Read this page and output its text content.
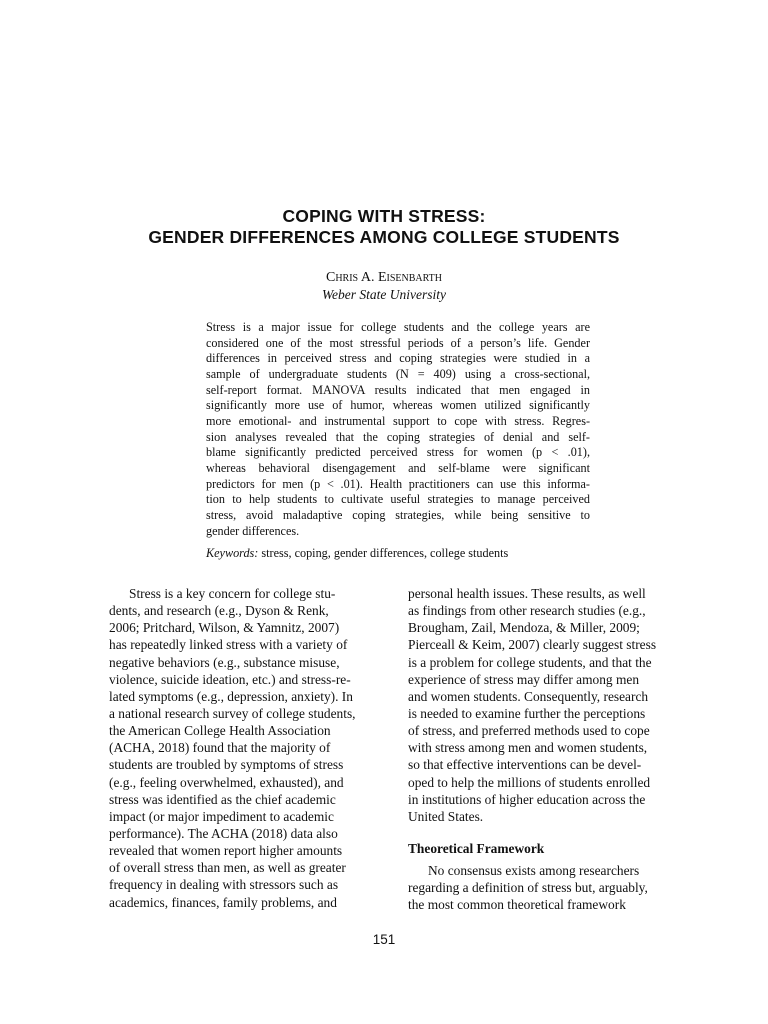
COPING WITH STRESS:
GENDER DIFFERENCES AMONG COLLEGE STUDENTS
Chris A. Eisenbarth
Weber State University
Stress is a major issue for college students and the college years are
considered one of the most stressful periods of a person’s life. Gender
differences in perceived stress and coping strategies were studied in a
sample of undergraduate students (N = 409) using a cross-sectional,
self-report format. MANOVA results indicated that men engaged in
significantly more use of humor, whereas women utilized significantly
more emotional- and instrumental support to cope with stress. Regres-
sion analyses revealed that the coping strategies of denial and self-
blame significantly predicted perceived stress for women (p < .01),
whereas behavioral disengagement and self-blame were significant
predictors for men (p < .01). Health practitioners can use this informa-
tion to help students to cultivate useful strategies to manage perceived
stress, avoid maladaptive coping strategies, while being sensitive to
gender differences.
Keywords: stress, coping, gender differences, college students
Stress is a key concern for college stu-
dents, and research (e.g., Dyson & Renk,
2006; Pritchard, Wilson, & Yamnitz, 2007)
has repeatedly linked stress with a variety of
negative behaviors (e.g., substance misuse,
violence, suicide ideation, etc.) and stress-re-
lated symptoms (e.g., depression, anxiety). In
a national research survey of college students,
the American College Health Association
(ACHA, 2018) found that the majority of
students are troubled by symptoms of stress
(e.g., feeling overwhelmed, exhausted), and
stress was identified as the chief academic
impact (or major impediment to academic
performance). The ACHA (2018) data also
revealed that women report higher amounts
of overall stress than men, as well as greater
frequency in dealing with stressors such as
academics, finances, family problems, and
personal health issues. These results, as well
as findings from other research studies (e.g.,
Brougham, Zail, Mendoza, & Miller, 2009;
Pierceall & Keim, 2007) clearly suggest stress
is a problem for college students, and that the
experience of stress may differ among men
and women students. Consequently, research
is needed to examine further the perceptions
of stress, and preferred methods used to cope
with stress among men and women students,
so that effective interventions can be devel-
oped to help the millions of students enrolled
in institutions of higher education across the
United States.
Theoretical Framework
No consensus exists among researchers
regarding a definition of stress but, arguably,
the most common theoretical framework
151
